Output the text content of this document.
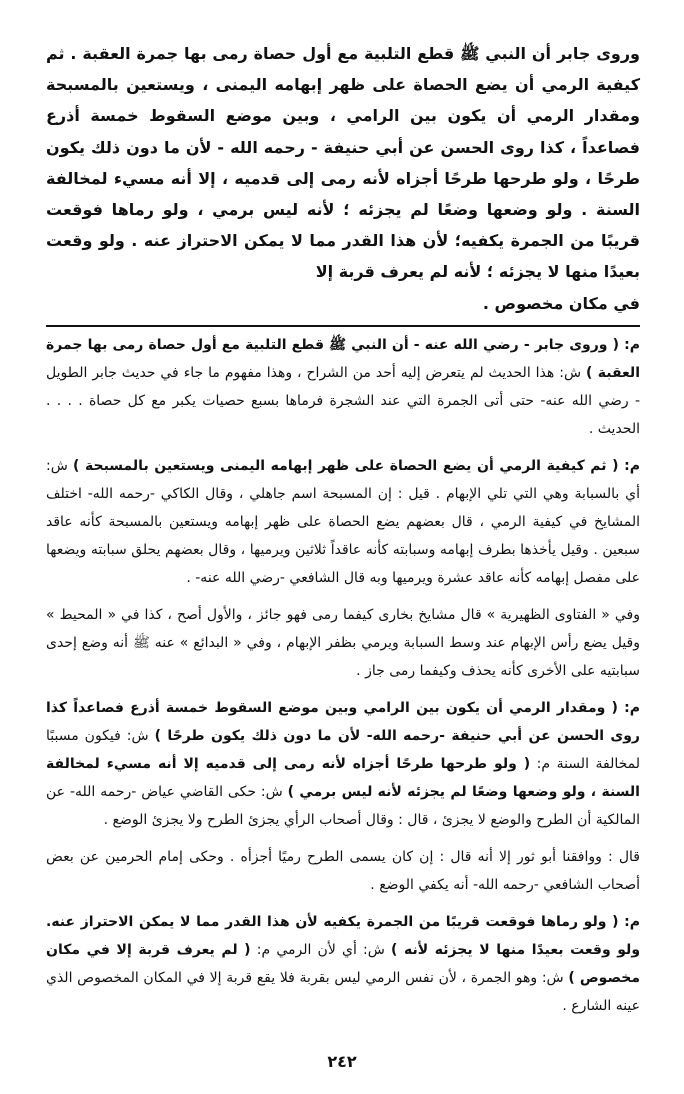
وروى جابر أن النبي ﷺ قطع التلبية مع أول حصاة رمى بها جمرة العقبة . ثم كيفية الرمي أن يضع الحصاة على ظهر إبهامه اليمنى ، ويستعين بالمسبحة ومقدار الرمي أن يكون بين الرامي ، وبين موضع السقوط خمسة أذرع فصاعداً ، كذا روى الحسن عن أبي حنيفة - رحمه الله - لأن ما دون ذلك يكون طرحًا ، ولو طرحها طرحًا أجزاه لأنه رمى إلى قدميه ، إلا أنه مسيء لمخالفة السنة . ولو وضعها وضعًا لم يجزئه ؛ لأنه ليس برمي ، ولو رماها فوقعت قريبًا من الجمرة يكفيه؛ لأن هذا القدر مما لا يمكن الاحتراز عنه . ولو وقعت بعيدًا منها لا يجزئه ؛ لأنه لم يعرف قربة إلا
في مكان مخصوص .

م: ( وروى جابر - رضي الله عنه - أن النبي ﷺ قطع التلبية مع أول حصاة رمى بها جمرة العقبة ) ش: هذا الحديث لم يتعرض إليه أحد من الشراح ، وهذا مفهوم ما جاء في حديث جابر الطويل - رضي الله عنه- حتى أتى الجمرة التي عند الشجرة فرماها بسبع حصيات يكبر مع كل حصاة . . . . الحديث .

م: ( ثم كيفية الرمي أن يضع الحصاة على ظهر إبهامه اليمنى ويستعين بالمسبحة ) ش: أي بالسبابة وهي التي تلي الإبهام . قيل : إن المسبحة اسم جاهلي ، وقال الكاكي -رحمه الله- اختلف المشايخ في كيفية الرمي ، قال بعضهم يضع الحصاة على ظهر إبهامه ويستعين بالمسبحة كأنه عاقد سبعين . وقيل يأخذها بطرف إبهامه وسبابته كأنه عاقداً ثلاثين ويرميها ، وقال بعضهم يحلق سبابته ويضعها على مفصل إبهامه كأنه عاقد عشرة ويرميها وبه قال الشافعي -رضي الله عنه- .

وفي « الفتاوى الظهيرية » قال مشايخ بخارى كيفما رمى فهو جائز ، والأول أصح ، كذا في « المحيط » وقيل يضع رأس الإبهام عند وسط السبابة ويرمي بظفر الإبهام ، وفي « البدائع » عنه ﷺ أنه وضع إحدى سبابتيه على الأخرى كأنه يحذف وكيفما رمى جاز .

م: ( ومقدار الرمي أن يكون بين الرامي وبين موضع السقوط خمسة أذرع فصاعداً كذا روى الحسن عن أبي حنيفة -رحمه الله- لأن ما دون ذلك يكون طرحًا ) ش: فيكون مسببًا لمخالفة السنة م: ( ولو طرحها طرحًا أجزاه لأنه رمى إلى قدميه إلا أنه مسيء لمخالفة السنة ، ولو وضعها وضعًا لم يجزئه لأنه ليس برمي ) ش: حكى القاضي عياض -رحمه الله- عن المالكية أن الطرح والوضع لا يجزئ ، قال : وقال أصحاب الرأي يجزئ الطرح ولا يجزئ الوضع .

قال : ووافقنا أبو ثور إلا أنه قال : إن كان يسمى الطرح رميًا أجزأه . وحكى إمام الحرمين عن بعض أصحاب الشافعي -رحمه الله- أنه يكفي الوضع .

م: ( ولو رماها فوقعت قريبًا من الجمرة يكفيه لأن هذا القدر مما لا يمكن الاحتراز عنه. ولو وقعت بعيدًا منها لا يجزئه لأنه ) ش: أي لأن الرمي م: ( لم يعرف قربة إلا في مكان مخصوص ) ش: وهو الجمرة ، لأن نفس الرمي ليس بقربة فلا يقع قربة إلا في المكان المخصوص الذي عينه الشارع .

٢٤٢
